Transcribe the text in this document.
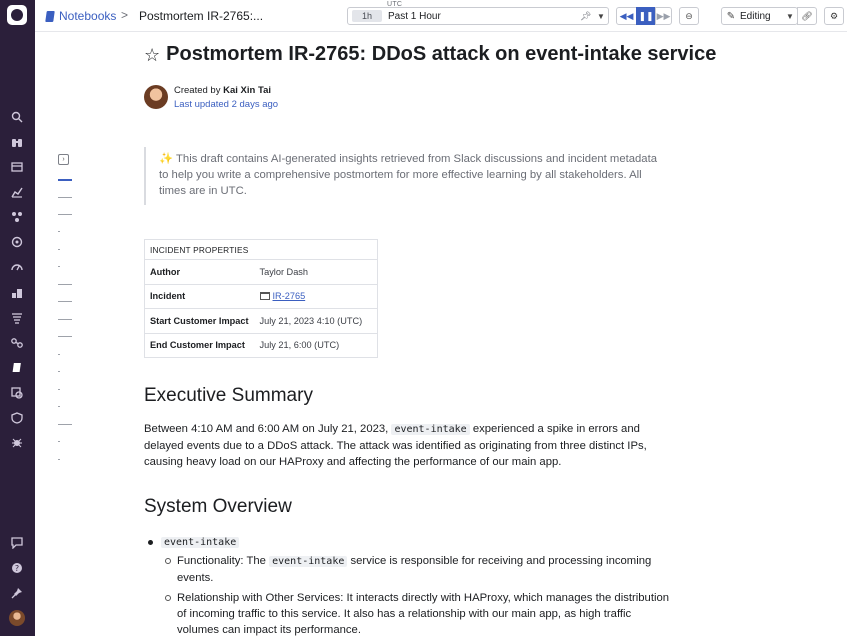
?
Notebooks > Postmortem IR-2765:...
UTC
1h	Past 1 Hour	📌︎ ▼	◀◀ ❚❚ ▶▶ ⊖	✎ Editing	▼ 🔗︎ ⚙
›
☆ Postmortem IR-2765: DDoS attack on event-intake service
Created by Kai Xin Tai
Last updated 2 days ago
✨ This draft contains AI-generated insights retrieved from Slack discussions and incident metadata to help you write a comprehensive postmortem for more effective learning by all stakeholders. All times are in UTC.
INCIDENT PROPERTIES	
Author	Taylor Dash
Incident	IR-2765
Start Customer Impact	July 21, 2023 4:10 (UTC)
End Customer Impact	July 21, 6:00 (UTC)
Executive Summary
Between 4:10 AM and 6:00 AM on July 21, 2023, event-intake experienced a spike in errors and delayed events due to a DDoS attack. The attack was identified as originating from three distinct IPs, causing heavy load on our HAProxy and affecting the performance of our main app.
System Overview
event-intake
Functionality: The event-intake service is responsible for receiving and processing incoming events.
Relationship with Other Services: It interacts directly with HAProxy, which manages the distribution of incoming traffic to this service. It also has a relationship with our main app, as high traffic volumes can impact its performance.
